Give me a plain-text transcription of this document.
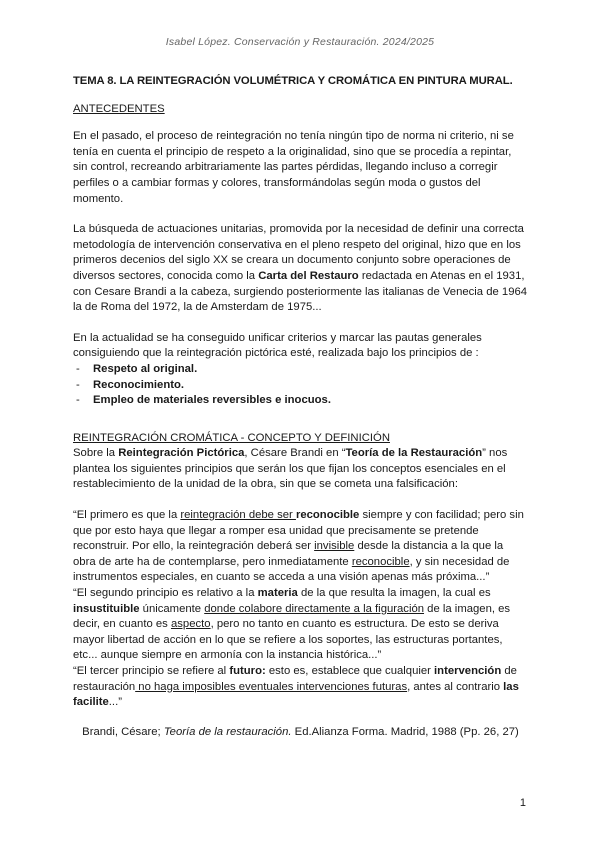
Isabel López. Conservación y Restauración. 2024/2025
TEMA 8. LA REINTEGRACIÓN VOLUMÉTRICA Y CROMÁTICA EN PINTURA MURAL.
ANTECEDENTES

En el pasado, el proceso de reintegración no tenía ningún tipo de norma ni criterio, ni se tenía en cuenta el principio de respeto a la originalidad, sino que se procedía a repintar, sin control, recreando arbitrariamente las partes pérdidas, llegando incluso a corregir perfiles o a cambiar formas y colores, transformándolas según moda o gustos del momento.

La búsqueda de actuaciones unitarias, promovida por la necesidad de definir una correcta metodología de intervención conservativa en el pleno respeto del original, hizo que en los primeros decenios del siglo XX se creara un documento conjunto sobre operaciones de diversos sectores, conocida como la Carta del Restauro redactada en Atenas en el 1931, con Cesare Brandi a la cabeza, surgiendo posteriormente las italianas de Venecia de 1964 la de Roma del 1972, la de Amsterdam de 1975...

En la actualidad se ha conseguido unificar criterios y marcar las pautas generales consiguiendo que la reintegración pictórica esté, realizada bajo los principios de :

- Respeto al original.
- Reconocimiento.
- Empleo de materiales reversibles e inocuos.
REINTEGRACIÓN CROMÁTICA - CONCEPTO Y DEFINICIÓN

Sobre la Reintegración Pictórica, Césare Brandi en “Teoría de la Restauración” nos plantea los siguientes principios que serán los que fijan los conceptos esenciales en el restablecimiento de la unidad de la obra, sin que se cometa una falsificación:

“El primero es que la reintegración debe ser reconocible siempre y con facilidad; pero sin que por esto haya que llegar a romper esa unidad que precisamente se pretende reconstruir. Por ello, la reintegración deberá ser invisible desde la distancia a la que la obra de arte ha de contemplarse, pero inmediatamente reconocible, y sin necesidad de instrumentos especiales, en cuanto se acceda a una visión apenas más próxima...”

“El segundo principio es relativo a la materia de la que resulta la imagen, la cual es insustituible únicamente donde colabore directamente a la figuración de la imagen, es decir, en cuanto es aspecto, pero no tanto en cuanto es estructura. De esto se deriva mayor libertad de acción en lo que se refiere a los soportes, las estructuras portantes, etc... aunque siempre en armonía con la instancia histórica...”

“El tercer principio se refiere al futuro: esto es, establece que cualquier intervención de restauración no haga imposibles eventuales intervenciones futuras, antes al contrario las facilite...”

Brandi, Césare; Teoría de la restauración. Ed.Alianza Forma. Madrid, 1988 (Pp. 26, 27)

1
